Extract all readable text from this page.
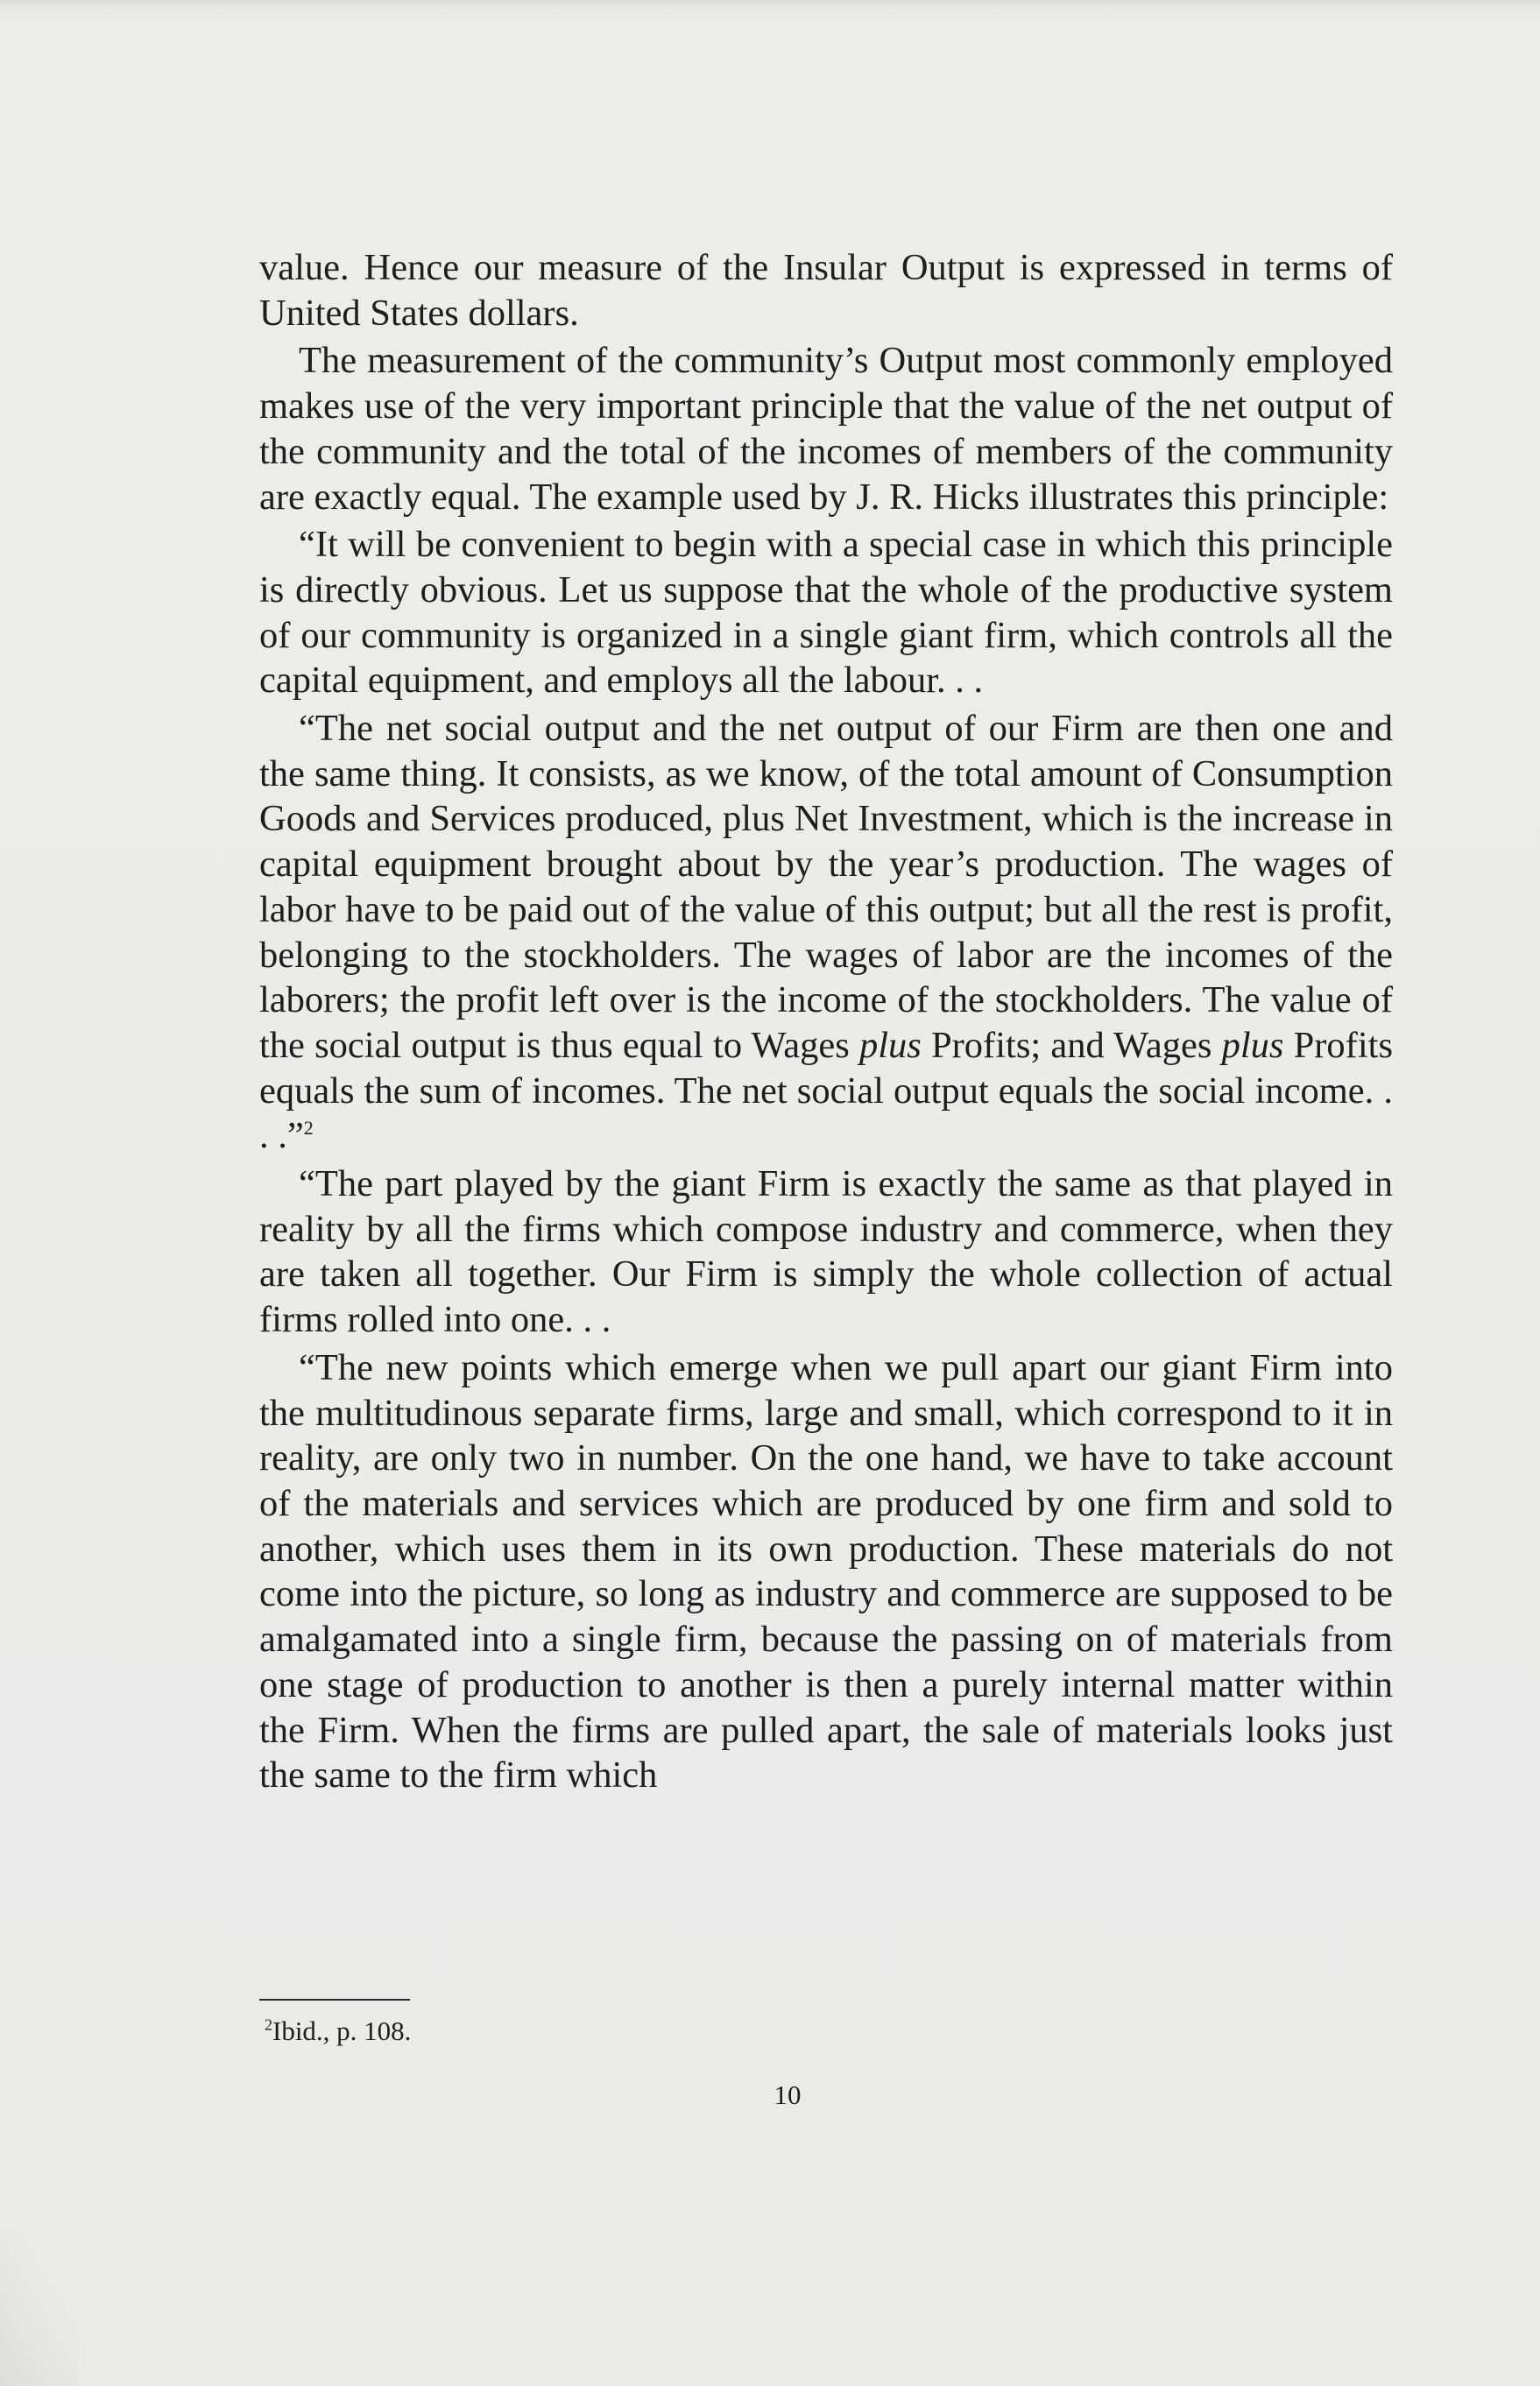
value. Hence our measure of the Insular Output is expressed in terms of United States dollars.

The measurement of the community’s Output most commonly employed makes use of the very important principle that the value of the net output of the community and the total of the incomes of members of the community are exactly equal. The example used by J. R. Hicks illustrates this principle:

“It will be convenient to begin with a special case in which this principle is directly obvious. Let us suppose that the whole of the productive system of our community is organized in a single giant firm, which controls all the capital equipment, and employs all the labour. . .

“The net social output and the net output of our Firm are then one and the same thing. It consists, as we know, of the total amount of Consumption Goods and Services produced, plus Net Investment, which is the increase in capital equipment brought about by the year’s production. The wages of labor have to be paid out of the value of this output; but all the rest is profit, belonging to the stockholders. The wages of labor are the incomes of the laborers; the profit left over is the income of the stockholders. The value of the social output is thus equal to Wages plus Profits; and Wages plus Profits equals the sum of incomes. The net social output equals the social income. . . .”$^2$

“The part played by the giant Firm is exactly the same as that played in reality by all the firms which compose industry and commerce, when they are taken all together. Our Firm is simply the whole collection of actual firms rolled into one. . .

“The new points which emerge when we pull apart our giant Firm into the multitudinous separate firms, large and small, which correspond to it in reality, are only two in number. On the one hand, we have to take account of the materials and services which are produced by one firm and sold to another, which uses them in its own production. These materials do not come into the picture, so long as industry and commerce are supposed to be amalgamated into a single firm, because the passing on of materials from one stage of production to another is then a purely internal matter within the Firm. When the firms are pulled apart, the sale of materials looks just the same to the firm which

$^2$Ibid., p. 108.
10
